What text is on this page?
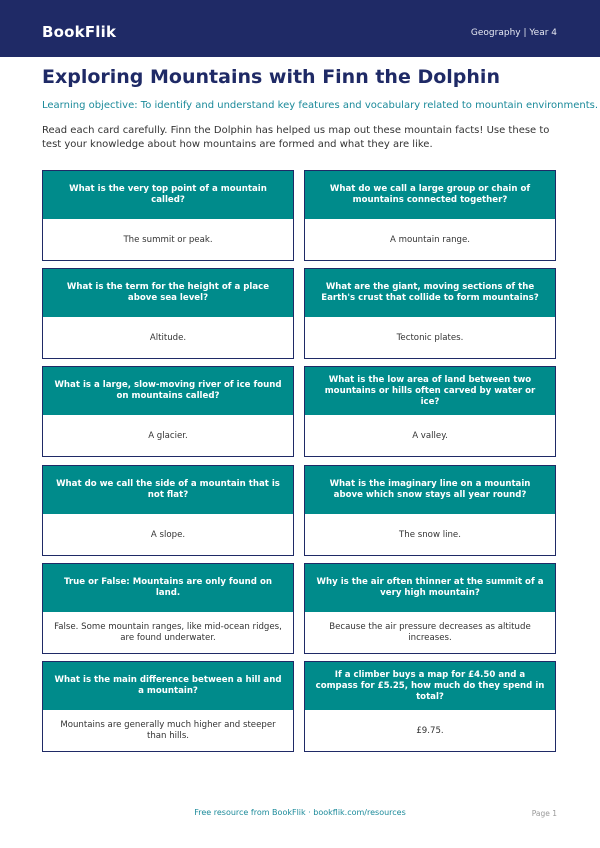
BookFlik	Geography | Year 4
Exploring Mountains with Finn the Dolphin
Learning objective: To identify and understand key features and vocabulary related to mountain environments.
Read each card carefully. Finn the Dolphin has helped us map out these mountain facts! Use these to test your knowledge about how mountains are formed and what they are like.
What is the very top point of a mountain called?
The summit or peak.
What do we call a large group or chain of mountains connected together?
A mountain range.
What is the term for the height of a place above sea level?
Altitude.
What are the giant, moving sections of the Earth's crust that collide to form mountains?
Tectonic plates.
What is a large, slow-moving river of ice found on mountains called?
A glacier.
What is the low area of land between two mountains or hills often carved by water or ice?
A valley.
What do we call the side of a mountain that is not flat?
A slope.
What is the imaginary line on a mountain above which snow stays all year round?
The snow line.
True or False: Mountains are only found on land.
False. Some mountain ranges, like mid-ocean ridges, are found underwater.
Why is the air often thinner at the summit of a very high mountain?
Because the air pressure decreases as altitude increases.
What is the main difference between a hill and a mountain?
Mountains are generally much higher and steeper than hills.
If a climber buys a map for £4.50 and a compass for £5.25, how much do they spend in total?
£9.75.
Free resource from BookFlik · bookflik.com/resources	Page 1
